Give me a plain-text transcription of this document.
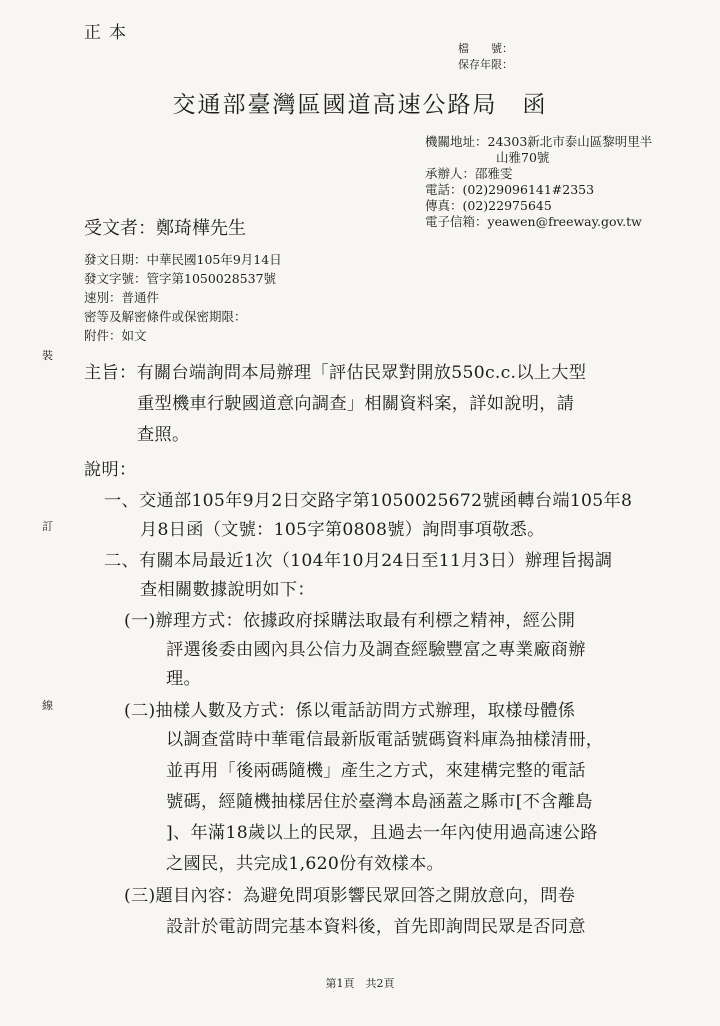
正本
檔　　號：
保存年限：
交通部臺灣區國道高速公路局　函
機關地址：24303新北市泰山區黎明里半
山雅70號
承辦人：邵雅雯
電話：(02)29096141#2353
傳真：(02)22975645
電子信箱：yeawen@freeway.gov.tw
受文者：鄭琦樺先生
發文日期：中華民國105年9月14日
發文字號：管字第1050028537號
速別：普通件
密等及解密條件或保密期限：
附件：如文
裝
訂
線
主旨：有關台端詢問本局辦理「評估民眾對開放550c.c.以上大型
重型機車行駛國道意向調查」相關資料案，詳如說明，請
查照。
說明：
一、交通部105年9月2日交路字第1050025672號函轉台端105年8
月8日函（文號：105字第0808號）詢問事項敬悉。
二、有關本局最近1次（104年10月24日至11月3日）辦理旨揭調
查相關數據說明如下：
(一)辦理方式：依據政府採購法取最有利標之精神，經公開
評選後委由國內具公信力及調查經驗豐富之專業廠商辦
理。
(二)抽樣人數及方式：係以電話訪問方式辦理，取樣母體係
以調查當時中華電信最新版電話號碼資料庫為抽樣清冊，
並再用「後兩碼隨機」產生之方式，來建構完整的電話
號碼，經隨機抽樣居住於臺灣本島涵蓋之縣市[不含離島
]、年滿18歲以上的民眾，且過去一年內使用過高速公路
之國民，共完成1,620份有效樣本。
(三)題目內容：為避免問項影響民眾回答之開放意向，問卷
設計於電訪問完基本資料後，首先即詢問民眾是否同意
第1頁　共2頁
